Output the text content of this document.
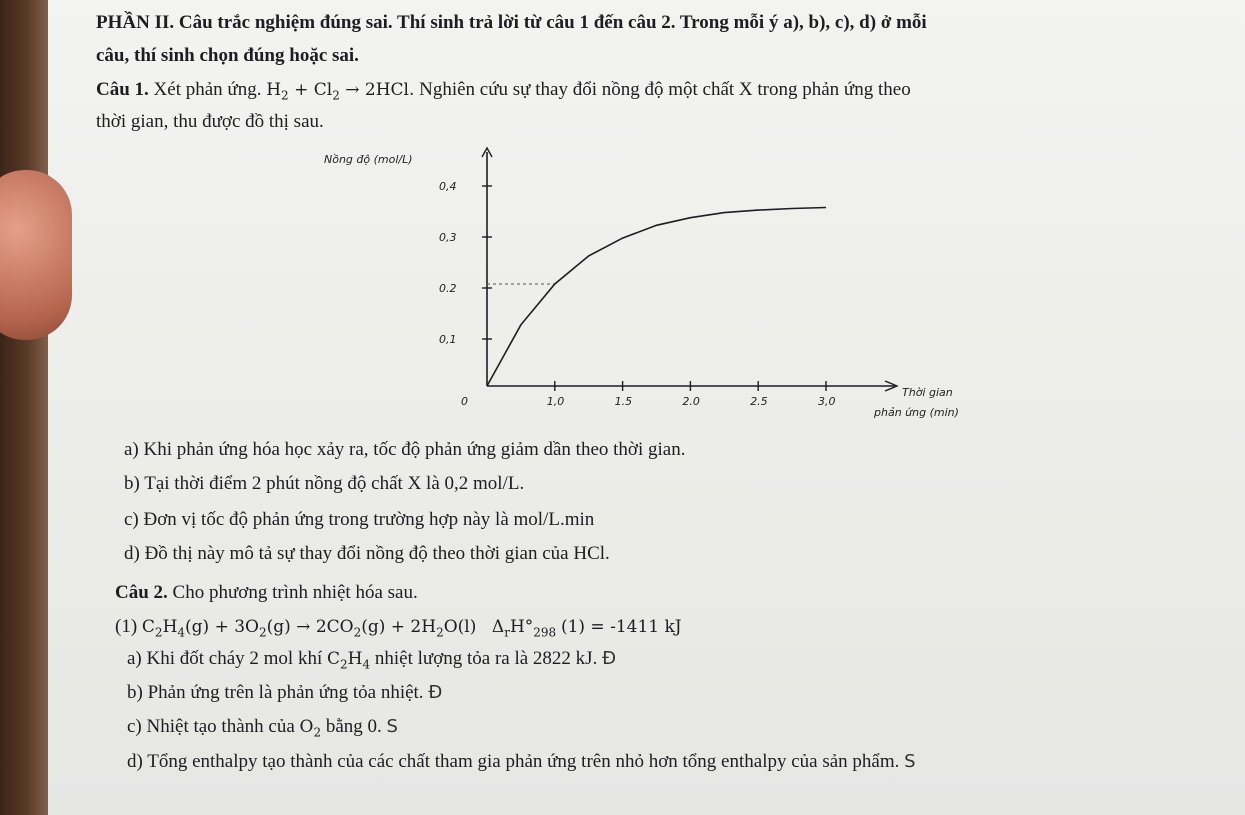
PHẦN II. Câu trắc nghiệm đúng sai. Thí sinh trả lời từ câu 1 đến câu 2. Trong mỗi ý a), b), c), d) ở mỗi
câu, thí sinh chọn đúng hoặc sai.
Câu 1. Xét phản ứng. $H_2 + Cl_2 \to 2HCl$. Nghiên cứu sự thay đổi nồng độ một chất X trong phản ứng theo
thời gian, thu được đồ thị sau.
Nồng độ (mol/L)
Thời gian
phản ứng (min)
0	1,0	1.5	2.0	2.5	3,0
0,1
0.2
0,3
0,4
a) Khi phản ứng hóa học xảy ra, tốc độ phản ứng giảm dần theo thời gian.
b) Tại thời điểm 2 phút nồng độ chất X là 0,2 mol/L.
c) Đơn vị tốc độ phản ứng trong trường hợp này là mol/L.min
d) Đồ thị này mô tả sự thay đổi nồng độ theo thời gian của HCl.
Câu 2. Cho phương trình nhiệt hóa sau.
(1) $C_2H_4(g) + 3O_2(g) \to 2CO_2(g) + 2H_2O(l)$   $\Delta_rH^\circ_{298}$ (1) = -1411 kJ
a) Khi đốt cháy 2 mol khí $C_2H_4$ nhiệt lượng tỏa ra là 2822 kJ. Đ
b) Phản ứng trên là phản ứng tỏa nhiệt. Đ
c) Nhiệt tạo thành của $O_2$ bằng 0. S
d) Tổng enthalpy tạo thành của các chất tham gia phản ứng trên nhỏ hơn tổng enthalpy của sản phẩm. S
